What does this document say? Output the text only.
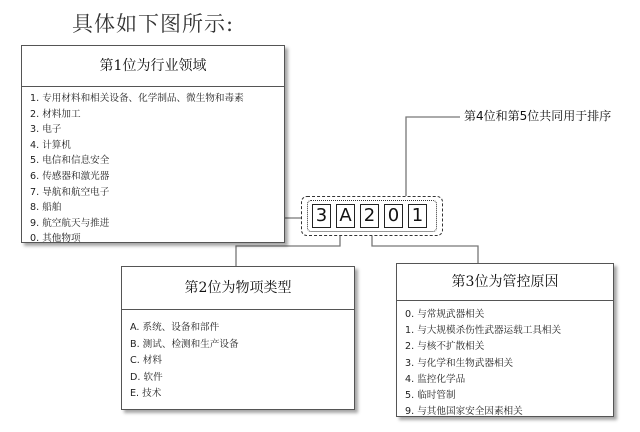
具体如下图所示:
第1位为行业领域
1. 专用材料和相关设备、化学制品、微生物和毒素
2. 材料加工
3. 电子
4. 计算机
5. 电信和信息安全
6. 传感器和激光器
7. 导航和航空电子
8. 船舶
9. 航空航天与推进
0. 其他物项
3 A 2 0 1
第4位和第5位共同用于排序
第2位为物项类型
A. 系统、设备和部件
B. 测试、检测和生产设备
C. 材料
D. 软件
E. 技术
第3位为管控原因
0. 与常规武器相关
1. 与大规模杀伤性武器运载工具相关
2. 与核不扩散相关
3. 与化学和生物武器相关
4. 监控化学品
5. 临时管制
9. 与其他国家安全因素相关
